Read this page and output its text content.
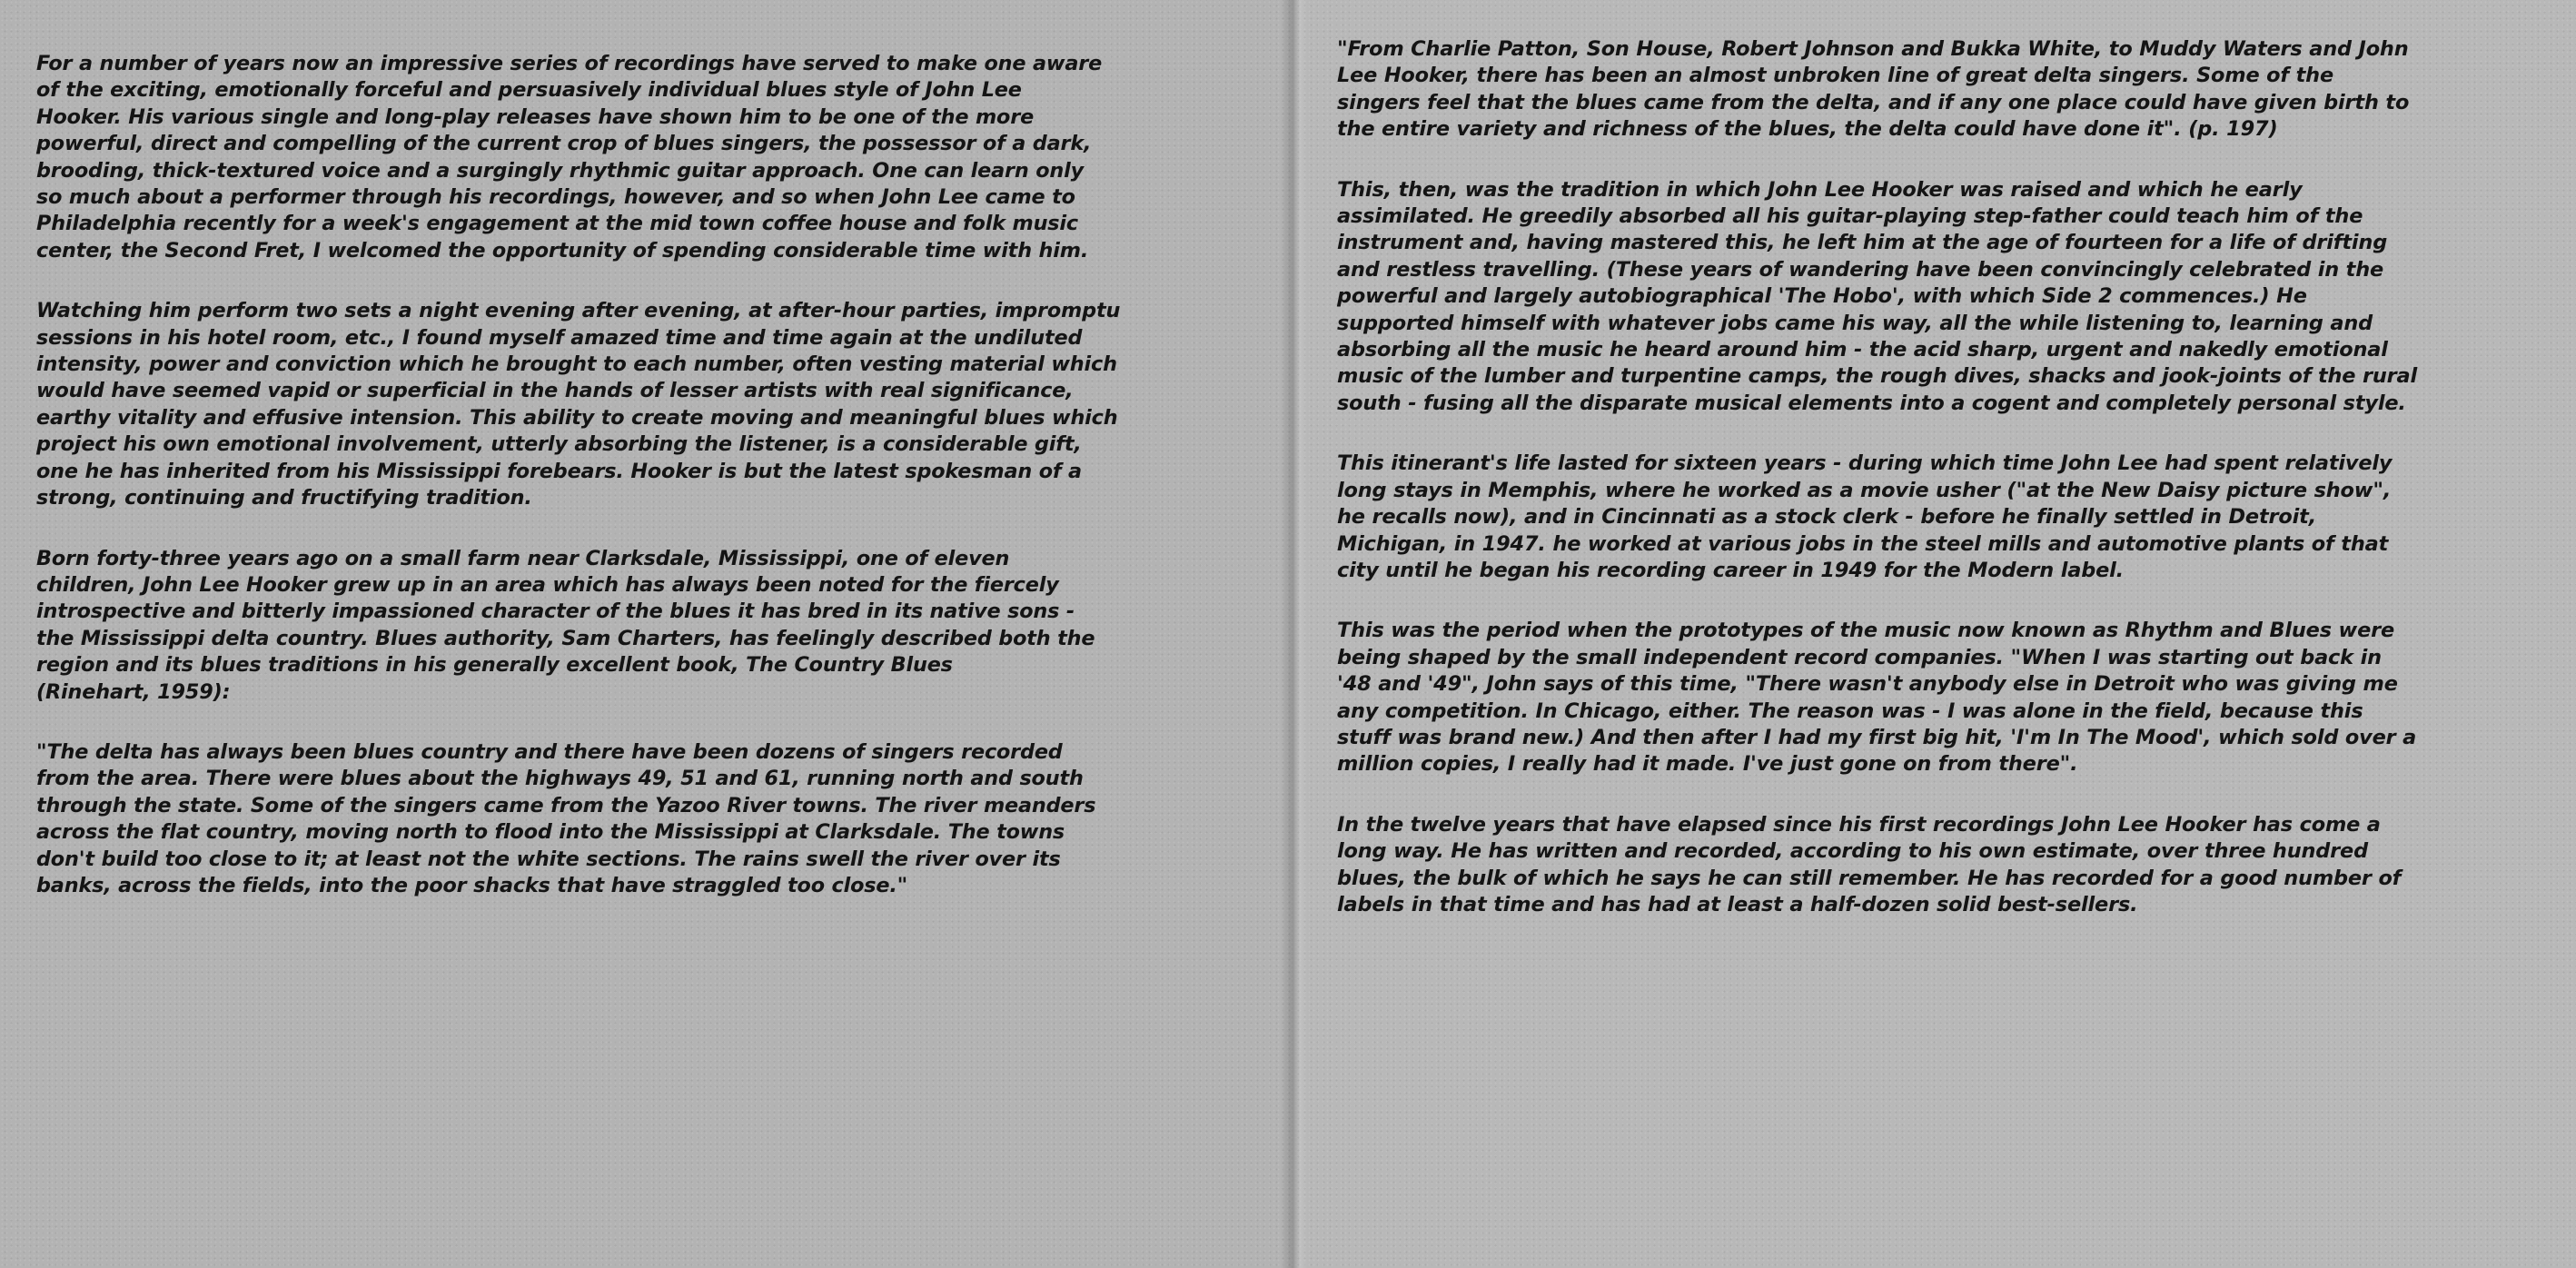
For a number of years now an impressive series of recordings have served to make one aware
of the exciting, emotionally forceful and persuasively individual blues style of John Lee
Hooker. His various single and long-play releases have shown him to be one of the more
powerful, direct and compelling of the current crop of blues singers, the possessor of a dark,
brooding, thick-textured voice and a surgingly rhythmic guitar approach. One can learn only
so much about a performer through his recordings, however, and so when John Lee came to
Philadelphia recently for a week's engagement at the mid town coffee house and folk music
center, the Second Fret, I welcomed the opportunity of spending considerable time with him.

Watching him perform two sets a night evening after evening, at after-hour parties, impromptu
sessions in his hotel room, etc., I found myself amazed time and time again at the undiluted
intensity, power and conviction which he brought to each number, often vesting material which
would have seemed vapid or superficial in the hands of lesser artists with real significance,
earthy vitality and effusive intension. This ability to create moving and meaningful blues which
project his own emotional involvement, utterly absorbing the listener, is a considerable gift,
one he has inherited from his Mississippi forebears. Hooker is but the latest spokesman of a
strong, continuing and fructifying tradition.

Born forty-three years ago on a small farm near Clarksdale, Mississippi, one of eleven
children, John Lee Hooker grew up in an area which has always been noted for the fiercely
introspective and bitterly impassioned character of the blues it has bred in its native sons -
the Mississippi delta country. Blues authority, Sam Charters, has feelingly described both the
region and its blues traditions in his generally excellent book, The Country Blues
(Rinehart, 1959):

"The delta has always been blues country and there have been dozens of singers recorded
from the area. There were blues about the highways 49, 51 and 61, running north and south
through the state. Some of the singers came from the Yazoo River towns. The river meanders
across the flat country, moving north to flood into the Mississippi at Clarksdale. The towns
don't build too close to it; at least not the white sections. The rains swell the river over its
banks, across the fields, into the poor shacks that have straggled too close."

"From Charlie Patton, Son House, Robert Johnson and Bukka White, to Muddy Waters and John
Lee Hooker, there has been an almost unbroken line of great delta singers. Some of the
singers feel that the blues came from the delta, and if any one place could have given birth to
the entire variety and richness of the blues, the delta could have done it". (p. 197)

This, then, was the tradition in which John Lee Hooker was raised and which he early
assimilated. He greedily absorbed all his guitar-playing step-father could teach him of the
instrument and, having mastered this, he left him at the age of fourteen for a life of drifting
and restless travelling. (These years of wandering have been convincingly celebrated in the
powerful and largely autobiographical 'The Hobo', with which Side 2 commences.) He
supported himself with whatever jobs came his way, all the while listening to, learning and
absorbing all the music he heard around him - the acid sharp, urgent and nakedly emotional
music of the lumber and turpentine camps, the rough dives, shacks and jook-joints of the rural
south - fusing all the disparate musical elements into a cogent and completely personal style.

This itinerant's life lasted for sixteen years - during which time John Lee had spent relatively
long stays in Memphis, where he worked as a movie usher ("at the New Daisy picture show",
he recalls now), and in Cincinnati as a stock clerk - before he finally settled in Detroit,
Michigan, in 1947. he worked at various jobs in the steel mills and automotive plants of that
city until he began his recording career in 1949 for the Modern label.

This was the period when the prototypes of the music now known as Rhythm and Blues were
being shaped by the small independent record companies. "When I was starting out back in
'48 and '49", John says of this time, "There wasn't anybody else in Detroit who was giving me
any competition. In Chicago, either. The reason was - I was alone in the field, because this
stuff was brand new.) And then after I had my first big hit, 'I'm In The Mood', which sold over a
million copies, I really had it made. I've just gone on from there".

In the twelve years that have elapsed since his first recordings John Lee Hooker has come a
long way. He has written and recorded, according to his own estimate, over three hundred
blues, the bulk of which he says he can still remember. He has recorded for a good number of
labels in that time and has had at least a half-dozen solid best-sellers.
